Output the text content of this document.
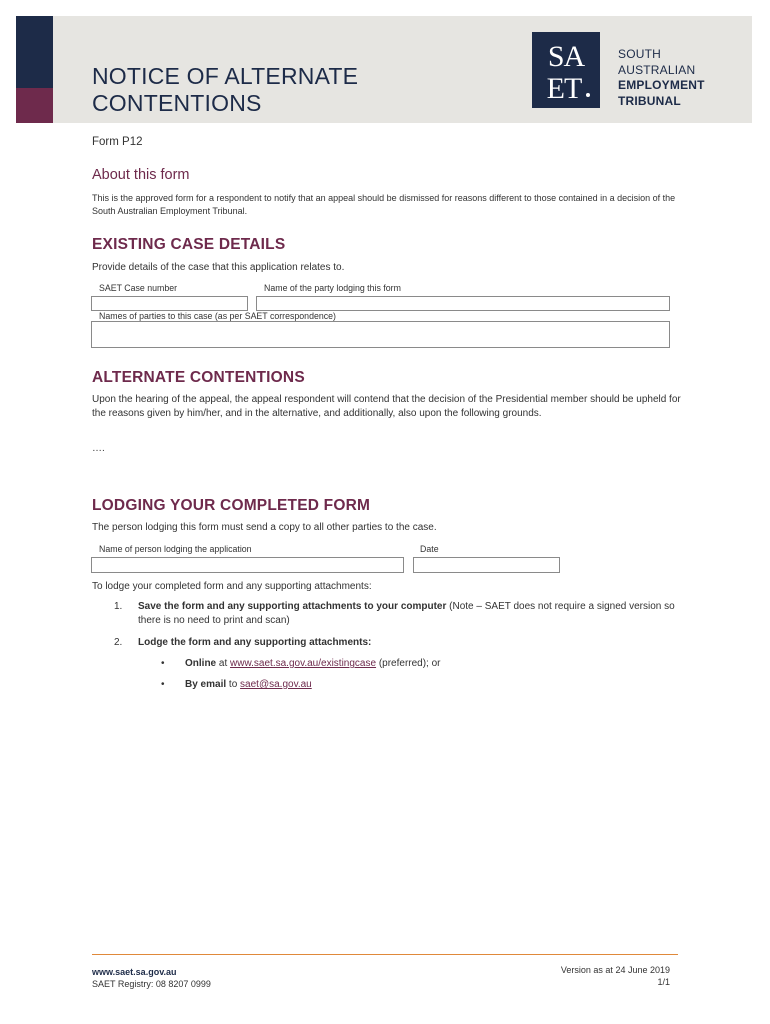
NOTICE OF ALTERNATE
CONTENTIONS
SA
ET
SOUTH
AUSTRALIAN
EMPLOYMENT
TRIBUNAL
Form P12
About this form
This is the approved form for a respondent to notify that an appeal should be dismissed for reasons different to those contained in a decision of the South Australian Employment Tribunal.
EXISTING CASE DETAILS
Provide details of the case that this application relates to.
SAET Case number	Name of the party lodging this form
Names of parties to this case (as per SAET correspondence)
ALTERNATE CONTENTIONS
Upon the hearing of the appeal, the appeal respondent will contend that the decision of the Presidential member should be upheld for the reasons given by him/her, and in the alternative, and additionally, also upon the following grounds.
….
LODGING YOUR COMPLETED FORM
The person lodging this form must send a copy to all other parties to the case.
Name of person lodging the application	Date
To lodge your completed form and any supporting attachments:
1. Save the form and any supporting attachments to your computer (Note – SAET does not require a signed version so there is no need to print and scan)
2. Lodge the form and any supporting attachments:
• Online at www.saet.sa.gov.au/existingcase (preferred); or
• By email to saet@sa.gov.au
www.saet.sa.gov.au
SAET Registry: 08 8207 0999
Version as at 24 June 2019
1/1
